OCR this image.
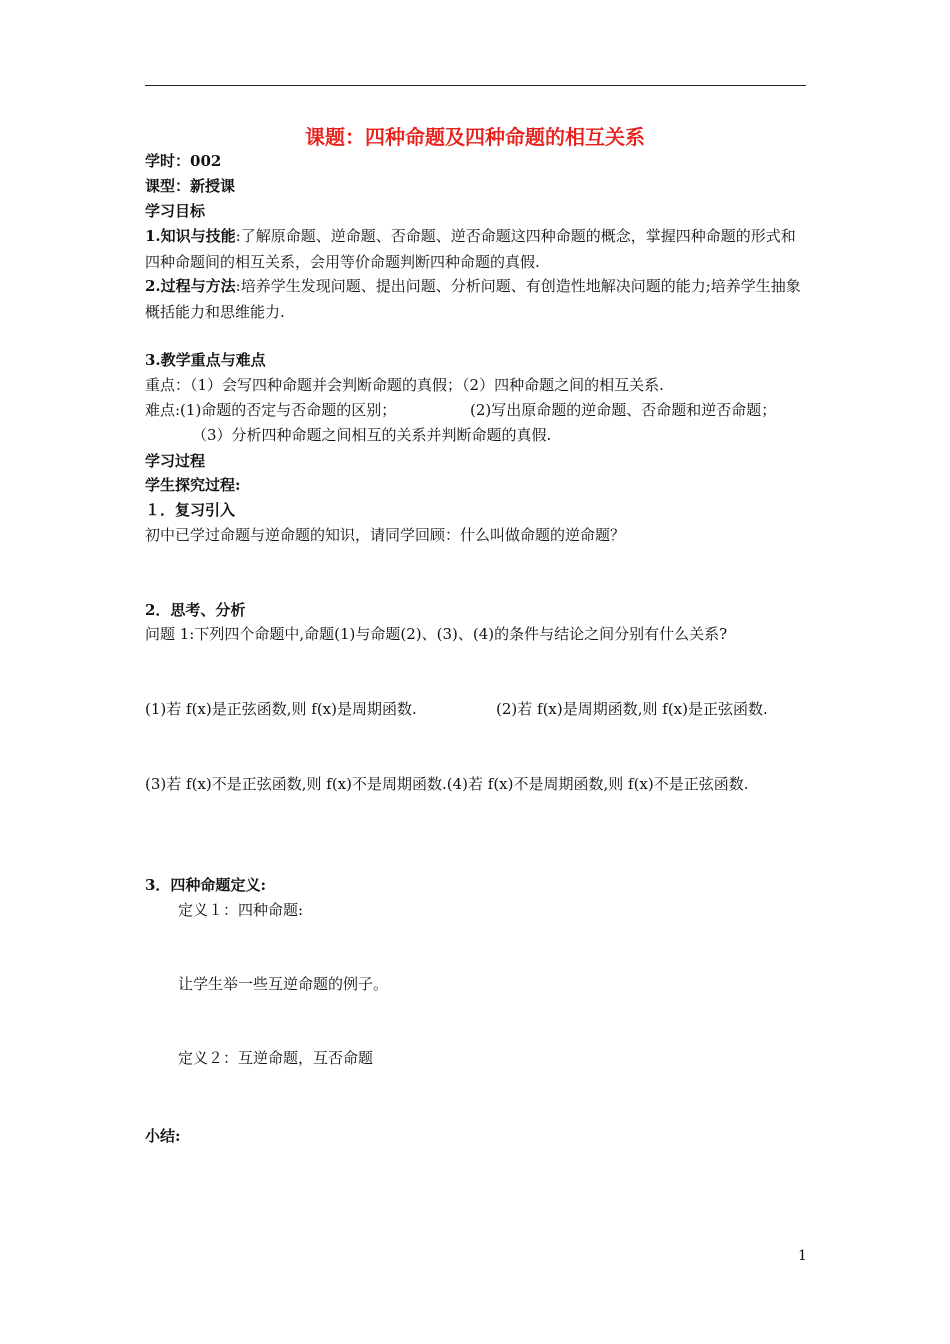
课题：四种命题及四种命题的相互关系
学时：002
课型：新授课
学习目标
1.知识与技能:了解原命题、逆命题、否命题、逆否命题这四种命题的概念，掌握四种命题的形式和四种命题间的相互关系，会用等价命题判断四种命题的真假.
2.过程与方法:培养学生发现问题、提出问题、分析问题、有创造性地解决问题的能力;培养学生抽象概括能力和思维能力.
3.教学重点与难点
重点：（1）会写四种命题并会判断命题的真假；（2）四种命题之间的相互关系.
难点:(1)命题的否定与否命题的区别；	(2)写出原命题的逆命题、否命题和逆否命题；
（3）分析四种命题之间相互的关系并判断命题的真假.
学习过程
学生探究过程:
１．复习引入
初中已学过命题与逆命题的知识，请同学回顾：什么叫做命题的逆命题？
2．思考、分析
问题 1:下列四个命题中,命题(1)与命题(2)、(3)、(4)的条件与结论之间分别有什么关系?
(1)若 f(x)是正弦函数,则 f(x)是周期函数.	(2)若 f(x)是周期函数,则 f(x)是正弦函数.
(3)若 f(x)不是正弦函数,则 f(x)不是周期函数.(4)若 f(x)不是周期函数,则 f(x)不是正弦函数.
3．四种命题定义:
定义１：四种命题:
让学生举一些互逆命题的例子。
定义２：互逆命题，互否命题
小结:
1
